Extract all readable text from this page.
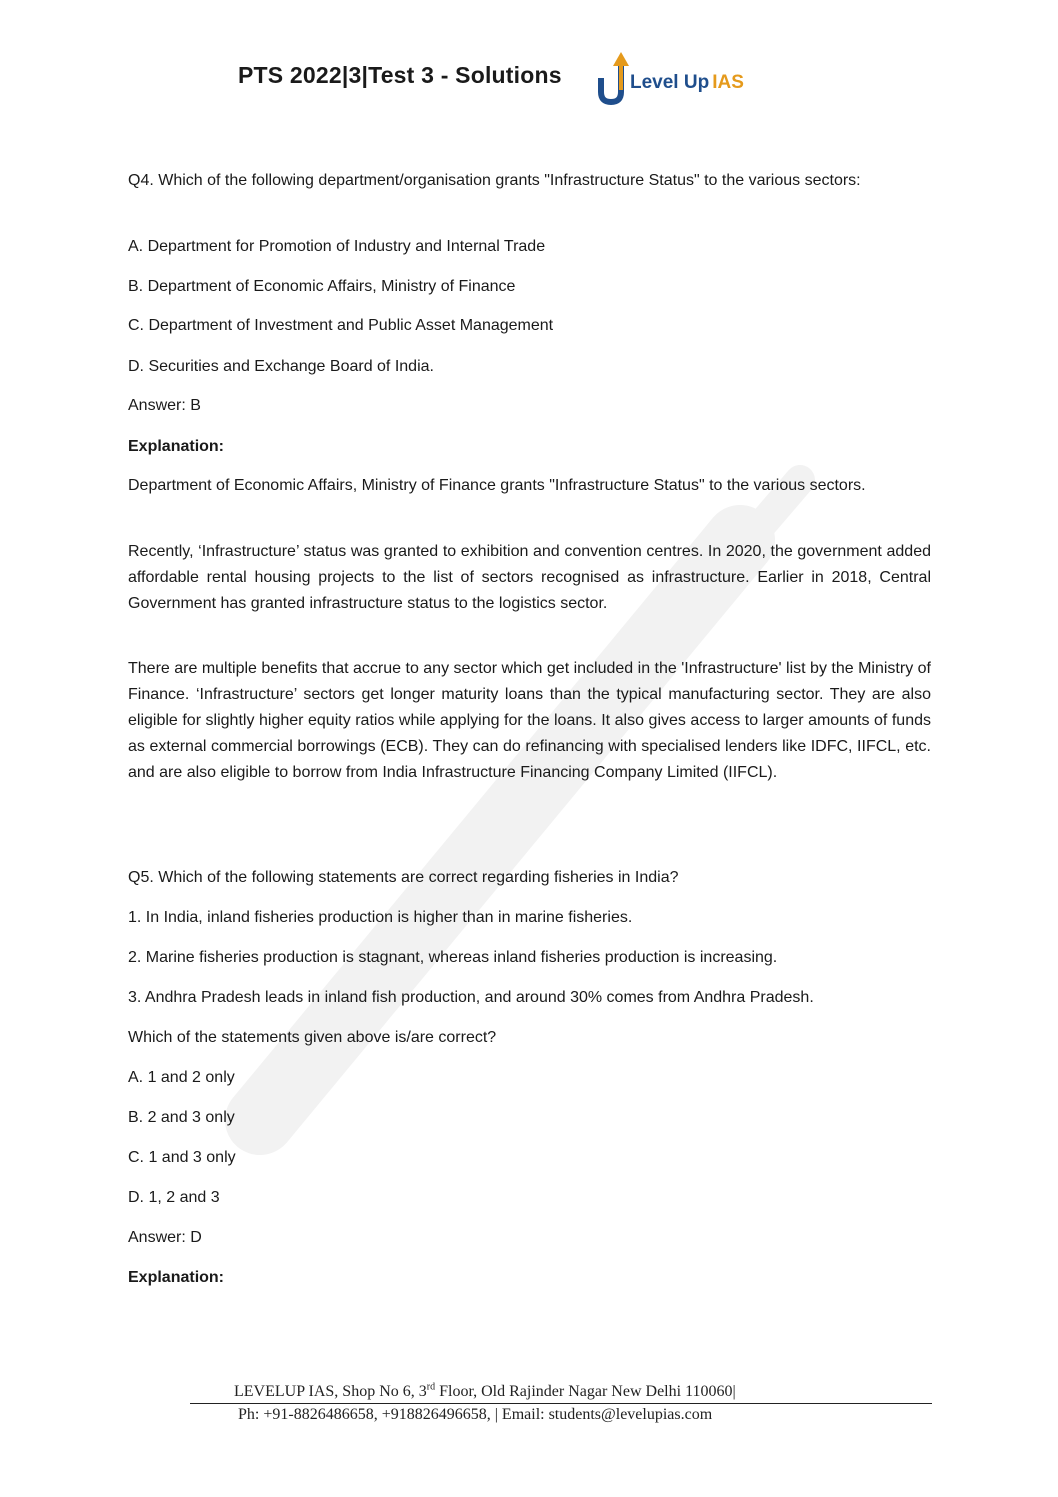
PTS 2022|3|Test 3 - Solutions	Level Up IAS

Q4. Which of the following department/organisation grants "Infrastructure Status" to the various sectors:

A. Department for Promotion of Industry and Internal Trade

B. Department of Economic Affairs, Ministry of Finance

C. Department of Investment and Public Asset Management

D. Securities and Exchange Board of India.

Answer: B

Explanation:

Department of Economic Affairs, Ministry of Finance grants "Infrastructure Status" to the various sectors.

Recently, ‘Infrastructure’ status was granted to exhibition and convention centres. In 2020, the government added affordable rental housing projects to the list of sectors recognised as infrastructure. Earlier in 2018, Central Government has granted infrastructure status to the logistics sector.

There are multiple benefits that accrue to any sector which get included in the 'Infrastructure' list by the Ministry of Finance. ‘Infrastructure’ sectors get longer maturity loans than the typical manufacturing sector. They are also eligible for slightly higher equity ratios while applying for the loans. It also gives access to larger amounts of funds as external commercial borrowings (ECB). They can do refinancing with specialised lenders like IDFC, IIFCL, etc. and are also eligible to borrow from India Infrastructure Financing Company Limited (IIFCL).

Q5. Which of the following statements are correct regarding fisheries in India?

1. In India, inland fisheries production is higher than in marine fisheries.

2. Marine fisheries production is stagnant, whereas inland fisheries production is increasing.

3. Andhra Pradesh leads in inland fish production, and around 30% comes from Andhra Pradesh.

Which of the statements given above is/are correct?

A. 1 and 2 only

B. 2 and 3 only

C. 1 and 3 only

D. 1, 2 and 3

Answer: D

Explanation:

LEVELUP IAS, Shop No 6, 3rd Floor, Old Rajinder Nagar New Delhi 110060|
Ph: +91-8826486658, +918826496658, | Email: students@levelupias.com
